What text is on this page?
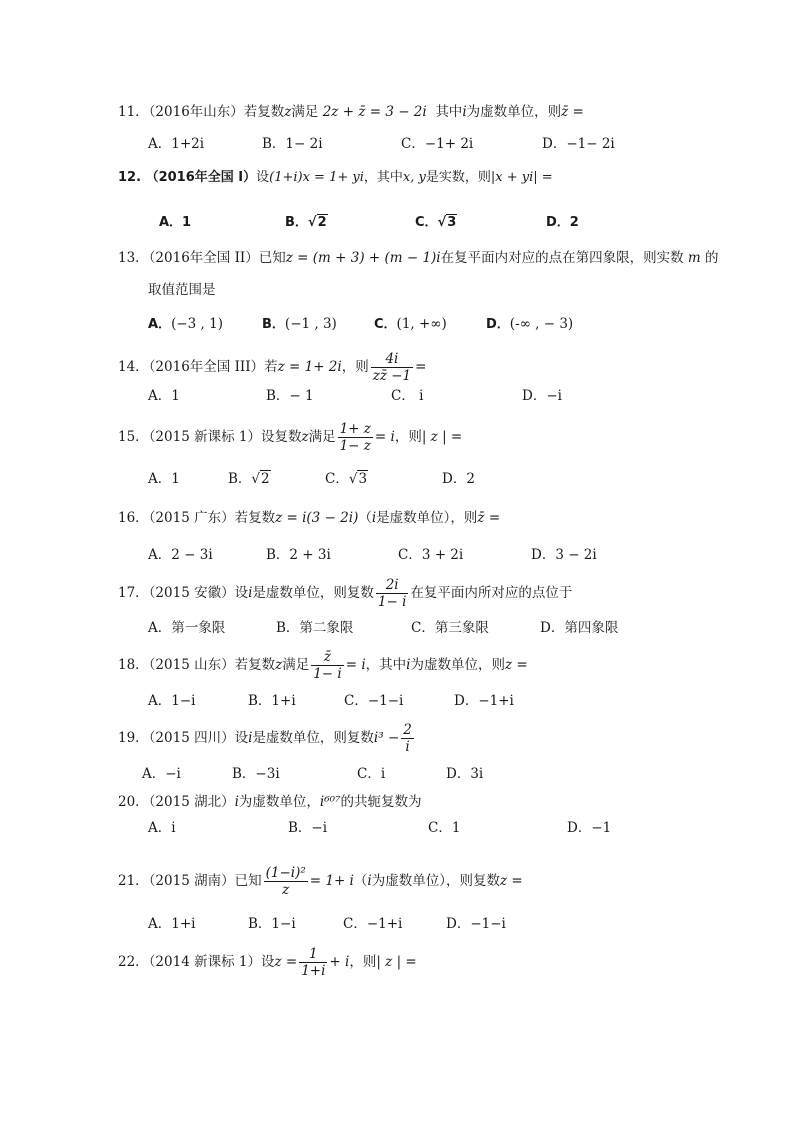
11．（2016年山东）若复数z满足 2z + z̄ = 3 − 2i 其中i为虚数单位，则z̄ =
A．1+2i	B．1− 2i	C．−1+ 2i	D．−1− 2i
12. （2016年全国 I）设(1+i)x = 1+ yi，其中x, y是实数，则|x + yi| =
A．1	B．√2	C．√3	D．2
13．（2016年全国 II）已知z = (m + 3) + (m − 1)i在复平面内对应的点在第四象限，则实数 m 的
取值范围是
A．(−3 , 1)	B．(−1 , 3)	C．(1, +∞)	D．(-∞ , − 3)
14．（2016年全国 III）若z = 1+ 2i，则 $\frac{4i}{zz̄ -1}$ =
A．1	B．− 1	C． i	D．−i
15．（2015 新课标 1）设复数z满足 $\frac{1+ z}{1- z} = i$，则| z | =
A．1	B．√2	C．√3	D．2
16．（2015 广东）若复数z = i(3 − 2i)（i是虚数单位），则z̄ =
A．2 − 3i	B．2 + 3i	C．3 + 2i	D．3 − 2i
17．（2015 安徽）设i是虚数单位，则复数 $\frac{2i}{1- i}$ 在复平面内所对应的点位于
A．第一象限	B．第二象限	C．第三象限	D．第四象限
18．（2015 山东）若复数z满足 $\frac{z̄}{1- i} = i$，其中i为虚数单位，则z =
A．1−i	B．1+i	C．−1−i	D．−1+i
19．（2015 四川）设i是虚数单位，则复数$i^3 - \frac{2}{i}$
A．−i	B．−3i	C．i	D．3i
20．（2015 湖北）i为虚数单位，i⁶⁰⁷的共轭复数为
A．i	B．−i	C．1	D．−1
21．（2015 湖南）已知 $\frac{\text{(1−i)²}}{z} = 1+ i(i$为虚数单位），则复数z =
A．1+i	B．1−i	C．−1+i	D．−1−i
22．（2014 新课标 1）设$z = \frac{1}{1+i} + i$，则| z | =
